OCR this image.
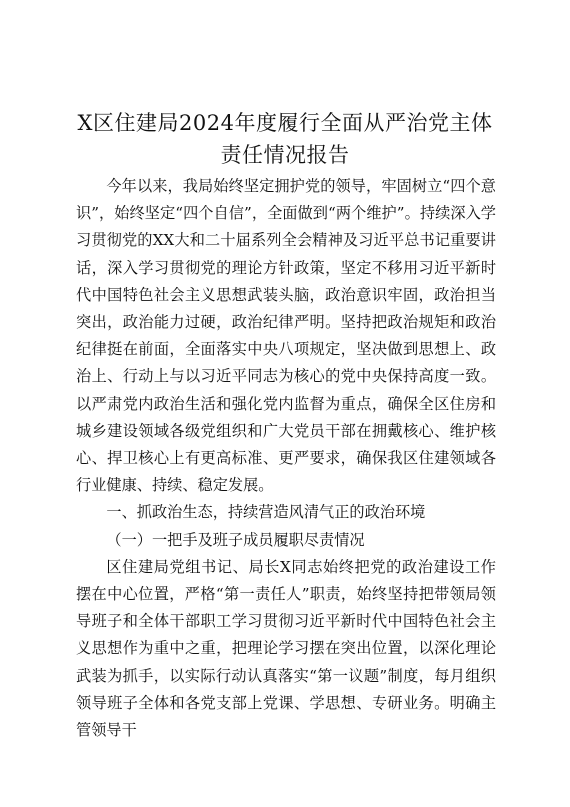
X区住建局2024年度履行全面从严治党主体
责任情况报告

今年以来，我局始终坚定拥护党的领导，牢固树立“四个意识”，始终坚定“四个自信”，全面做到“两个维护”。持续深入学习贯彻党的XX大和二十届系列全会精神及习近平总书记重要讲话，深入学习贯彻党的理论方针政策，坚定不移用习近平新时代中国特色社会主义思想武装头脑，政治意识牢固，政治担当突出，政治能力过硬，政治纪律严明。坚持把政治规矩和政治纪律挺在前面，全面落实中央八项规定，坚决做到思想上、政治上、行动上与以习近平同志为核心的党中央保持高度一致。以严肃党内政治生活和强化党内监督为重点，确保全区住房和城乡建设领域各级党组织和广大党员干部在拥戴核心、维护核心、捍卫核心上有更高标准、更严要求，确保我区住建领域各行业健康、持续、稳定发展。

一、抓政治生态，持续营造风清气正的政治环境

（一）一把手及班子成员履职尽责情况

区住建局党组书记、局长X同志始终把党的政治建设工作摆在中心位置，严格“第一责任人”职责，始终坚持把带领局领导班子和全体干部职工学习贯彻习近平新时代中国特色社会主义思想作为重中之重，把理论学习摆在突出位置，以深化理论武装为抓手，以实际行动认真落实“第一议题”制度，每月组织领导班子全体和各党支部上党课、学思想、专研业务。明确主管领导干
